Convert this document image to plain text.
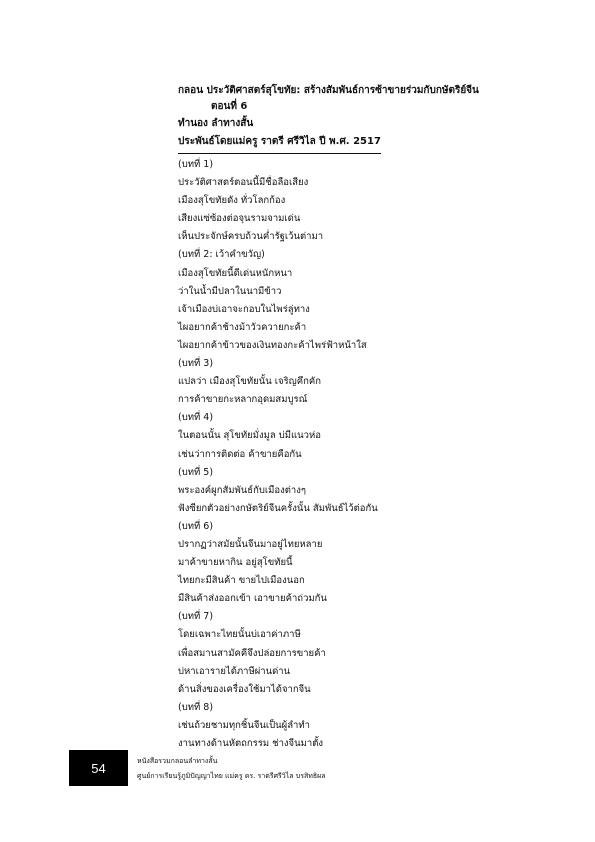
กลอน ประวัติศาสตร์สุโขทัย: สร้างสัมพันธ์การซ้าขายร่วมกับกษัตริย์จีน
ตอนที่ 6
ทำนอง ลำทางสั้น
ประพันธ์โดยแม่ครู ราตรี ศรีวิไล ปี พ.ศ. 2517
(บทที่ 1)
ประวัติศาสตร์ตอนนี้มีชื่อลือเสียง
เมืองสุโขทัยดัง ทั่วโลกก้อง
เสียงแซ่ซ้องต่อจุนรามจามเด่น
เห็นประจักษ์ครบถ้วนค่ำรัฐเว้นต่ามา
(บทที่ 2: เว้าคำขวัญ)
เมืองสุโขทัยนี้ดีเด่นหนักหนา
ว่าในน้ำมีปลาในนามีข้าว
เจ้าเมืองบ่เอาจะกอบในไพร่ลู่ทาง
ไผอยากค้าช้างม้าวัวควายกะค้า
ไผอยากค้าข้าวของเงินทองกะค้าไพร่ฟ้าหน้าใส
(บทที่ 3)
แปลว่า เมืองสุโขทัยนั้น เจริญคึกคัก
การค้าขายกะหลากอุดมสมบูรณ์
(บทที่ 4)
ในตอนนั้น สุโขทัยมั่งมูล บ่มีแนวห่อ
เช่นว่าการติดต่อ ค้าขายคือกัน
(บทที่ 5)
พระองค์ผูกสัมพันธ์กับเมืองต่างๆ
ฟังซียกตัวอย่างกษัตริย์จีนครั้งนั้น สัมพันธ์ไว้ต่อกัน
(บทที่ 6)
ปรากฏว่าสมัยนั้นจีนมาอยู่ไทยหลาย
มาค้าขายหากิน อยู่สุโขทัยนี้
ไทยกะมีสินค้า ขายไปเมืองนอก
มีสินค้าส่งออกเข้า เอาขายค้าถ่วมกัน
(บทที่ 7)
โดยเฉพาะไทยนั้นบ่เอาค่าภาษี
เพื่อสมานสามัคคีจึงปล่อยการขายค้า
บ่หาเอารายได้ภาษีผ่านด่าน
ด้านสิ่งของเครื่องใช้มาได้จากจีน
(บทที่ 8)
เช่นถ้วยชามทุกชิ้นจีนเป็นผู้ลำทำ
งานทางด้านหัตถกรรม ช่างจีนมาตั้ง
54	หนังสือรวมกลอนลำทางสั้น
ศูนย์การเรียนรู้ภูมิปัญญาไทย แม่ครู ดร. ราตรีศรีวิไล บรสิทธิผล
